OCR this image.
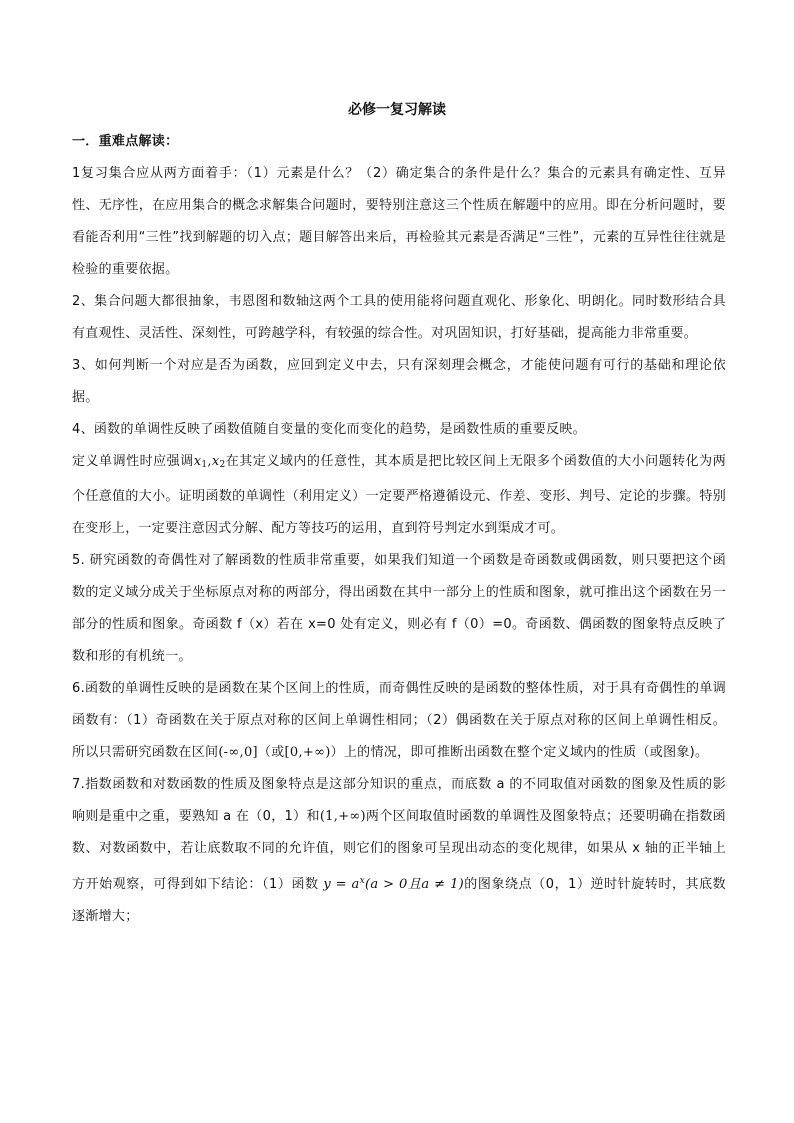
必修一复习解读
一．重难点解读：
1复习集合应从两方面着手：（1）元素是什么？（2）确定集合的条件是什么？集合的元素具有确定性、互异性、无序性，在应用集合的概念求解集合问题时，要特别注意这三个性质在解题中的应用。即在分析问题时，要看能否利用“三性”找到解题的切入点；题目解答出来后，再检验其元素是否满足“三性”，元素的互异性往往就是检验的重要依据。
2、集合问题大都很抽象，韦恩图和数轴这两个工具的使用能将问题直观化、形象化、明朗化。同时数形结合具有直观性、灵活性、深刻性，可跨越学科，有较强的综合性。对巩固知识，打好基础，提高能力非常重要。
3、如何判断一个对应是否为函数，应回到定义中去，只有深刻理会概念，才能使问题有可行的基础和理论依据。
4、函数的单调性反映了函数值随自变量的变化而变化的趋势，是函数性质的重要反映。
定义单调性时应强调$x_1,x_2$在其定义域内的任意性，其本质是把比较区间上无限多个函数值的大小问题转化为两个任意值的大小。证明函数的单调性（利用定义）一定要严格遵循设元、作差、变形、判号、定论的步骤。特别在变形上，一定要注意因式分解、配方等技巧的运用，直到符号判定水到渠成才可。
5. 研究函数的奇偶性对了解函数的性质非常重要，如果我们知道一个函数是奇函数或偶函数，则只要把这个函数的定义域分成关于坐标原点对称的两部分，得出函数在其中一部分上的性质和图象，就可推出这个函数在另一部分的性质和图象。奇函数 f（x）若在 x=0 处有定义，则必有 f（0）=0。奇函数、偶函数的图象特点反映了数和形的有机统一。
6.函数的单调性反映的是函数在某个区间上的性质，而奇偶性反映的是函数的整体性质，对于具有奇偶性的单调函数有：（1）奇函数在关于原点对称的区间上单调性相同；（2）偶函数在关于原点对称的区间上单调性相反。所以只需研究函数在区间(-∞,0]（或[0,+∞)）上的情况，即可推断出函数在整个定义域内的性质（或图象)。
7.指数函数和对数函数的性质及图象特点是这部分知识的重点，而底数 a 的不同取值对函数的图象及性质的影响则是重中之重，要熟知 a 在（0，1）和(1,+∞)两个区间取值时函数的单调性及图象特点；还要明确在指数函数、对数函数中，若让底数取不同的允许值，则它们的图象可呈现出动态的变化规律，如果从 x 轴的正半轴上方开始观察，可得到如下结论：（1）函数 $y = a^x(a > 0$且a ≠ 1)的图象绕点（0，1）逆时针旋转时，其底数逐渐增大；
